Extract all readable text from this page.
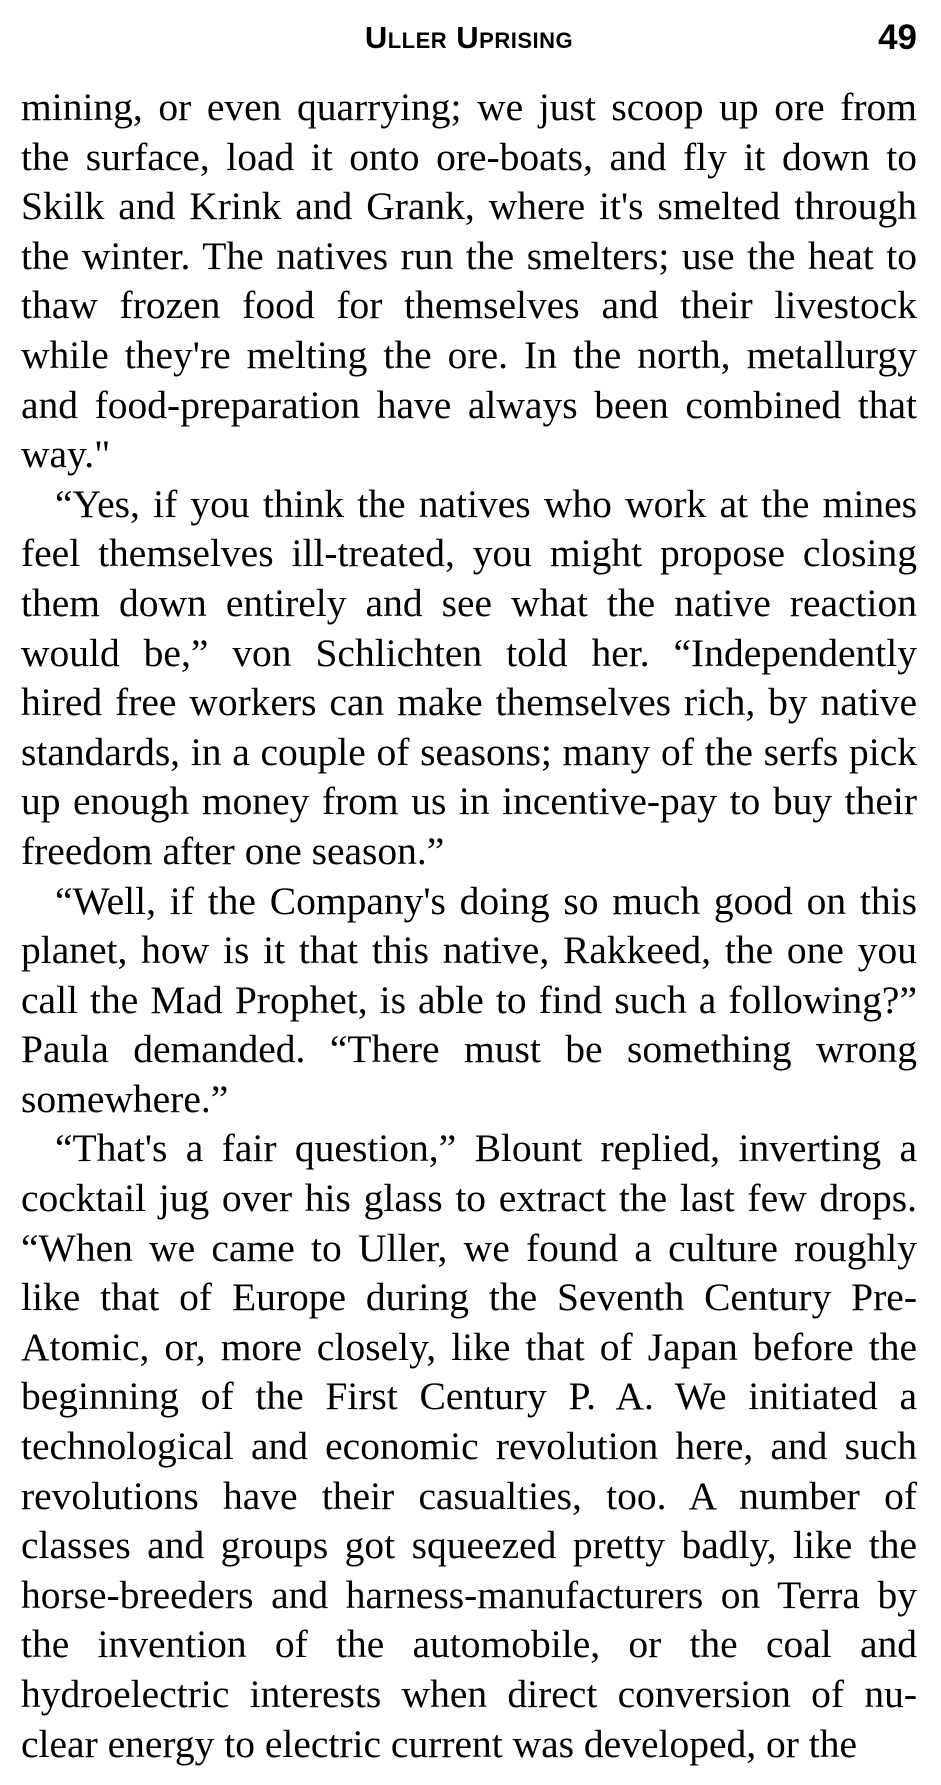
Uller Uprising	49

mining, or even quarrying; we just scoop up ore from the surface, load it onto ore-boats, and fly it down to Skilk and Krink and Grank, where it's smelted through the winter. The natives run the smelters; use the heat to thaw frozen food for themselves and their livestock while they're melting the ore. In the north, metallurgy and food-preparation have always been combined that way."

“Yes, if you think the natives who work at the mines feel themselves ill-treated, you might propose closing them down entirely and see what the native reaction would be,” von Schlichten told her. “Independently hired free workers can make themselves rich, by native standards, in a couple of seasons; many of the serfs pick up enough money from us in incentive-pay to buy their freedom after one season.”

“Well, if the Company's doing so much good on this planet, how is it that this native, Rakkeed, the one you call the Mad Prophet, is able to find such a following?” Paula demanded. “There must be something wrong somewhere.”

“That's a fair question,” Blount replied, inverting a cocktail jug over his glass to extract the last few drops. “When we came to Uller, we found a culture roughly like that of Europe during the Seventh Century Pre-Atomic, or, more closely, like that of Japan before the beginning of the First Century P. A. We initiated a technological and economic revolution here, and such revolutions have their casualties, too. A number of classes and groups got squeezed pretty badly, like the horse-breeders and harness-manufacturers on Terra by the invention of the automobile, or the coal and hydroelectric interests when direct conversion of nuclear energy to electric current was developed, or the
